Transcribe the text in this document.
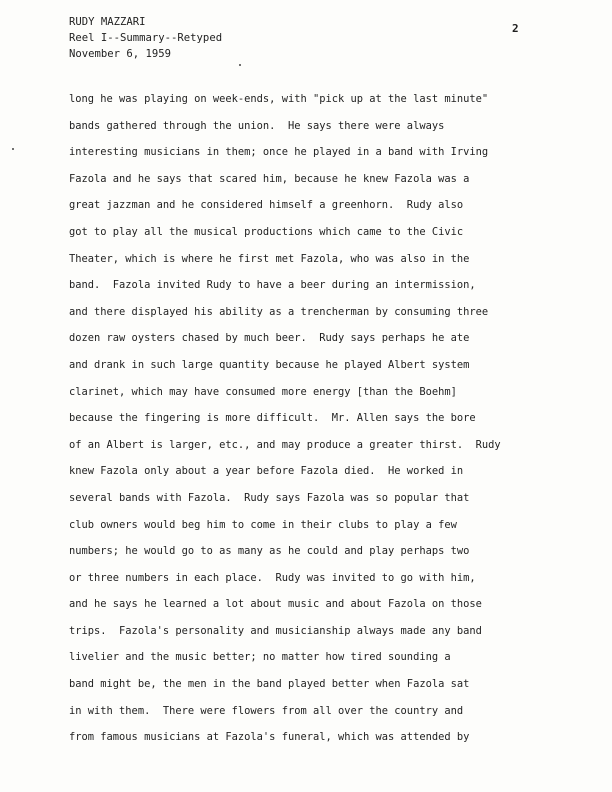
RUDY MAZZARI
Reel I--Summary--Retyped
November 6, 1959
2
long he was playing on week-ends, with "pick up at the last minute"
bands gathered through the union.  He says there were always
interesting musicians in them; once he played in a band with Irving
Fazola and he says that scared him, because he knew Fazola was a
great jazzman and he considered himself a greenhorn.  Rudy also
got to play all the musical productions which came to the Civic
Theater, which is where he first met Fazola, who was also in the
band.  Fazola invited Rudy to have a beer during an intermission,
and there displayed his ability as a trencherman by consuming three
dozen raw oysters chased by much beer.  Rudy says perhaps he ate
and drank in such large quantity because he played Albert system
clarinet, which may have consumed more energy [than the Boehm]
because the fingering is more difficult.  Mr. Allen says the bore
of an Albert is larger, etc., and may produce a greater thirst.  Rudy
knew Fazola only about a year before Fazola died.  He worked in
several bands with Fazola.  Rudy says Fazola was so popular that
club owners would beg him to come in their clubs to play a few
numbers; he would go to as many as he could and play perhaps two
or three numbers in each place.  Rudy was invited to go with him,
and he says he learned a lot about music and about Fazola on those
trips.  Fazola's personality and musicianship always made any band
livelier and the music better; no matter how tired sounding a
band might be, the men in the band played better when Fazola sat
in with them.  There were flowers from all over the country and
from famous musicians at Fazola's funeral, which was attended by
